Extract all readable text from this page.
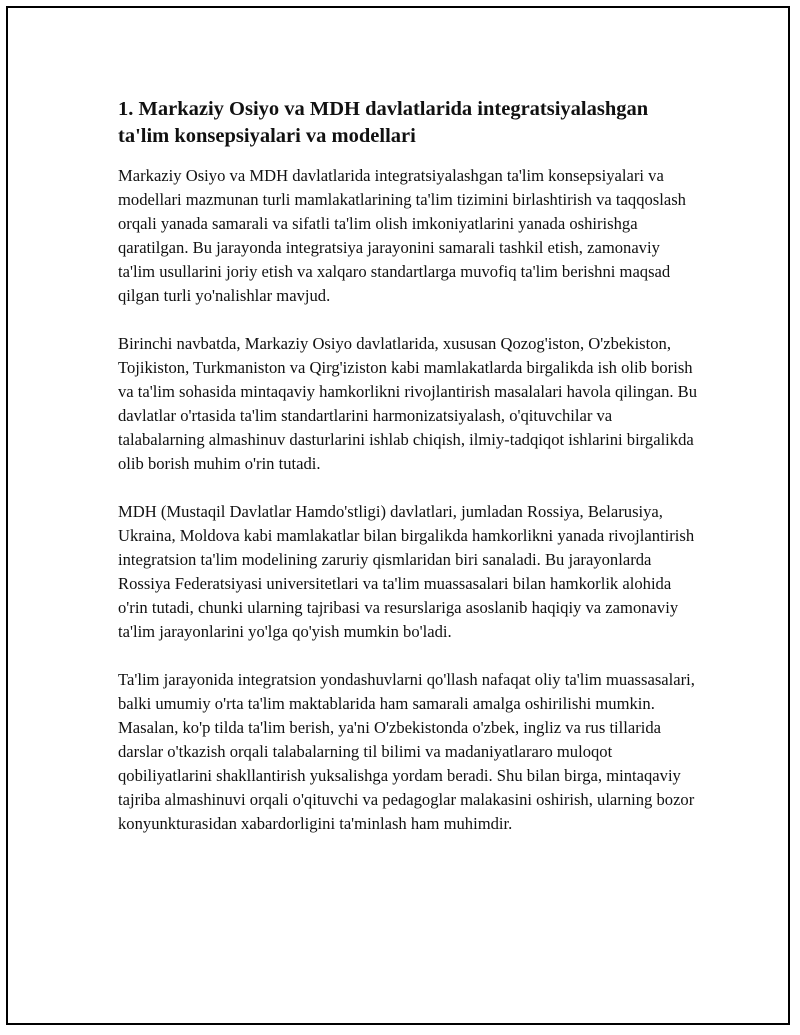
1. Markaziy Osiyo va MDH davlatlarida integratsiyalashgan ta'lim konsepsiyalari va modellari

Markaziy Osiyo va MDH davlatlarida integratsiyalashgan ta'lim konsepsiyalari va modellari mazmunan turli mamlakatlarining ta'lim tizimini birlashtirish va taqqoslash orqali yanada samarali va sifatli ta'lim olish imkoniyatlarini yanada oshirishga qaratilgan. Bu jarayonda integratsiya jarayonini samarali tashkil etish, zamonaviy ta'lim usullarini joriy etish va xalqaro standartlarga muvofiq ta'lim berishni maqsad qilgan turli yo'nalishlar mavjud.

Birinchi navbatda, Markaziy Osiyo davlatlarida, xususan Qozog'iston, O'zbekiston, Tojikiston, Turkmaniston va Qirg'iziston kabi mamlakatlarda birgalikda ish olib borish va ta'lim sohasida mintaqaviy hamkorlikni rivojlantirish masalalari havola qilingan. Bu davlatlar o'rtasida ta'lim standartlarini harmonizatsiyalash, o'qituvchilar va talabalarning almashinuv dasturlarini ishlab chiqish, ilmiy-tadqiqot ishlarini birgalikda olib borish muhim o'rin tutadi.

MDH (Mustaqil Davlatlar Hamdo'stligi) davlatlari, jumladan Rossiya, Belarusiya, Ukraina, Moldova kabi mamlakatlar bilan birgalikda hamkorlikni yanada rivojlantirish integratsion ta'lim modelining zaruriy qismlaridan biri sanaladi. Bu jarayonlarda Rossiya Federatsiyasi universitetlari va ta'lim muassasalari bilan hamkorlik alohida o'rin tutadi, chunki ularning tajribasi va resurslariga asoslanib haqiqiy va zamonaviy ta'lim jarayonlarini yo'lga qo'yish mumkin bo'ladi.

Ta'lim jarayonida integratsion yondashuvlarni qo'llash nafaqat oliy ta'lim muassasalari, balki umumiy o'rta ta'lim maktablarida ham samarali amalga oshirilishi mumkin. Masalan, ko'p tilda ta'lim berish, ya'ni O'zbekistonda o'zbek, ingliz va rus tillarida darslar o'tkazish orqali talabalarning til bilimi va madaniyatlararo muloqot qobiliyatlarini shakllantirish yuksalishga yordam beradi. Shu bilan birga, mintaqaviy tajriba almashinuvi orqali o'qituvchi va pedagoglar malakasini oshirish, ularning bozor konyunkturasidan xabardorligini ta'minlash ham muhimdir.
